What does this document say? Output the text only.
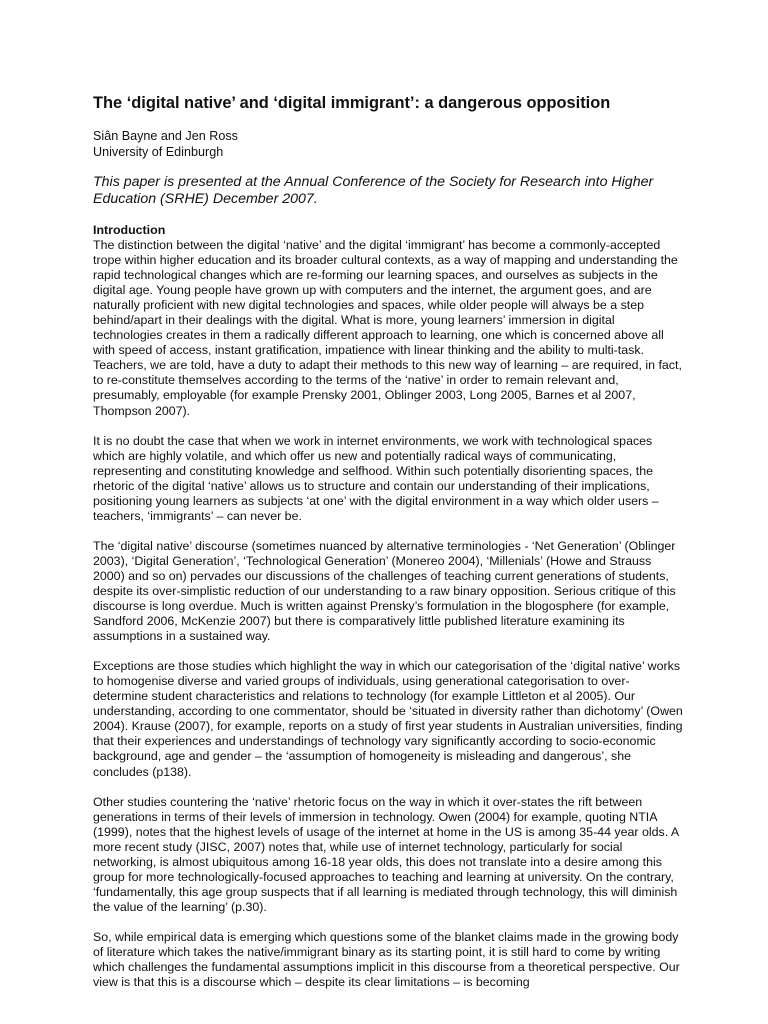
The ‘digital native’ and ‘digital immigrant’: a dangerous opposition
Siân Bayne and Jen Ross
University of Edinburgh
This paper is presented at the Annual Conference of the Society for Research into Higher Education (SRHE) December 2007.
Introduction

The distinction between the digital ‘native’ and the digital ‘immigrant’ has become a commonly-accepted trope within higher education and its broader cultural contexts, as a way of mapping and understanding the rapid technological changes which are re-forming our learning spaces, and ourselves as subjects in the digital age. Young people have grown up with computers and the internet, the argument goes, and are naturally proficient with new digital technologies and spaces, while older people will always be a step behind/apart in their dealings with the digital. What is more, young learners’ immersion in digital technologies creates in them a radically different approach to learning, one which is concerned above all with speed of access, instant gratification, impatience with linear thinking and the ability to multi-task. Teachers, we are told, have a duty to adapt their methods to this new way of learning – are required, in fact, to re-constitute themselves according to the terms of the ‘native’ in order to remain relevant and, presumably, employable (for example Prensky 2001, Oblinger 2003, Long 2005, Barnes et al 2007, Thompson 2007).

It is no doubt the case that when we work in internet environments, we work with technological spaces which are highly volatile, and which offer us new and potentially radical ways of communicating, representing and constituting knowledge and selfhood. Within such potentially disorienting spaces, the rhetoric of the digital ‘native’ allows us to structure and contain our understanding of their implications, positioning young learners as subjects ‘at one’ with the digital environment in a way which older users – teachers, ‘immigrants’ – can never be.

The ‘digital native’ discourse (sometimes nuanced by alternative terminologies - ‘Net Generation’ (Oblinger 2003), ‘Digital Generation’, ‘Technological Generation’ (Monereo 2004), ‘Millenials’ (Howe and Strauss 2000) and so on) pervades our discussions of the challenges of teaching current generations of students, despite its over-simplistic reduction of our understanding to a raw binary opposition. Serious critique of this discourse is long overdue. Much is written against Prensky’s formulation in the blogosphere (for example, Sandford 2006, McKenzie 2007) but there is comparatively little published literature examining its assumptions in a sustained way.

Exceptions are those studies which highlight the way in which our categorisation of the ‘digital native’ works to homogenise diverse and varied groups of individuals, using generational categorisation to over-determine student characteristics and relations to technology (for example Littleton et al 2005). Our understanding, according to one commentator, should be ‘situated in diversity rather than dichotomy’ (Owen 2004). Krause (2007), for example, reports on a study of first year students in Australian universities, finding that their experiences and understandings of technology vary significantly according to socio-economic background, age and gender – the ‘assumption of homogeneity is misleading and dangerous’, she concludes (p138).

Other studies countering the ‘native’ rhetoric focus on the way in which it over-states the rift between generations in terms of their levels of immersion in technology. Owen (2004) for example, quoting NTIA (1999), notes that the highest levels of usage of the internet at home in the US is among 35-44 year olds. A more recent study (JISC, 2007) notes that, while use of internet technology, particularly for social networking, is almost ubiquitous among 16-18 year olds, this does not translate into a desire among this group for more technologically-focused approaches to teaching and learning at university. On the contrary, ‘fundamentally, this age group suspects that if all learning is mediated through technology, this will diminish the value of the learning’ (p.30).

So, while empirical data is emerging which questions some of the blanket claims made in the growing body of literature which takes the native/immigrant binary as its starting point, it is still hard to come by writing which challenges the fundamental assumptions implicit in this discourse from a theoretical perspective. Our view is that this is a discourse which – despite its clear limitations – is becoming
